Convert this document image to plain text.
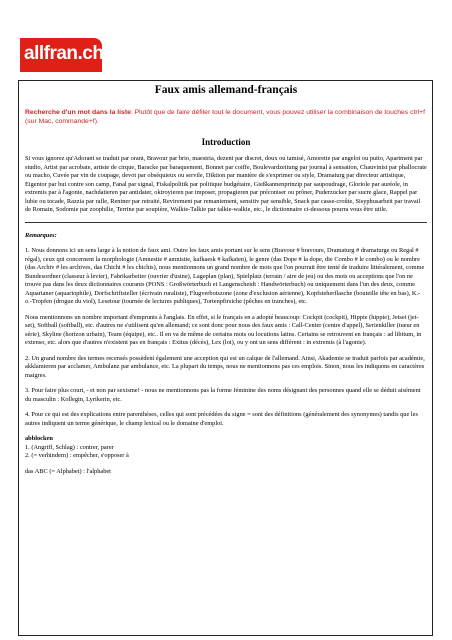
allfran.ch
Faux amis allemand-français
Recherche d'un mot dans la liste: Plutôt que de faire défiler tout le document, vous pouvez utiliser la combinaison de touches ctrl+f (sur Mac, commande+f).
Introduction

Si vous ignorez qu'Adorant se traduit par orant, Bravour par brio, maestria, dezent par discret, doux ou tamisé, Amorette par angelot ou putto, Apartment par studio, Artist par acrobate, artiste de cirque, Baracke par baraquement, Bonnet par coiffe, Boulevardzeitung par journal à sensation, Chauvinist par phallocrate ou macho, Cuvée par vin de coupage, devot par obséquieux ou servile, Diktion par manière de s'exprimer ou style, Dramaturg par directeur artistique, Eigentor par but contre son camp, Fanal par signal, Fiskalpolitik par politique budgétaire, Gießkannenprinzip par saupoudrage, Gloriole par auréole, in extremis par à l'agonie, nachdatieren par antidater, oktroyieren par imposer, propagieren par préconiser ou prôner, Puderzucker par sucre glace, Rappel par lubie ou tocade, Razzia par rafle, Rentner par retraité, Revirement par remaniement, sensitiv par sensible, Snack par casse-croûte, Sisyphusarbeit par travail de Romain, Sodomie par zoophilie, Terrine par soupière, Walkie-Talkie par talkie-walkie, etc., le dictionnaire ci-dessous pourra vous être utile.

Remarques:

1. Nous donnons ici un sens large à la notion de faux ami. Outre les faux amis portant sur le sens (Bravour # bravoure, Dramaturg # dramaturge ou Regal # régal), ceux qui concernent la morphologie (Amnestie # amnistie, kafkaesk # kafkaïen), le genre (das Dope # la dope, die Combo # le combo) ou le nombre (das Archiv # les archives, das Chichi # les chichis), nous mentionnons un grand nombre de mots que l'on pourrait être tenté de traduire littéralement, comme Bundesordner (classeur à levier), Fabrikarbeiter (ouvrier d'usine), Lageplan (plan), Spielplatz (terrain / aire de jeu) ou des mots ou acceptions que l'on ne trouve pas dans les deux dictionnaires courants (PONS : Großwörterbuch et Langenscheidt : Handwörterbuch) ou uniquement dans l'un des deux, comme Aquarianer (aquariophile), Dorfschriftsteller (écrivain ruraliste), Flugverbotszone (zone d'exclusion aérienne), Kopfsteherflasche (bouteille tête en bas), K.-o.-Tropfen (drogue du viol), Lesetour (tournée de lectures publiques), Tortenpfirsiche (pêches en tranches), etc.

Nous mentionnons un nombre important d'emprunts à l'anglais. En effet, si le français en a adopté beaucoup: Cockpit (cockpit), Hippie (hippie), Jetset (jet-set), Softball (softball), etc. d'autres ne s'utilisent qu'en allemand; ce sont donc pour nous des faux amis : Call-Center (centre d'appel), Serienkiller (tueur en série), Skyline (horizon urbain), Team (équipe), etc.. Il en va de même de certains mots ou locutions latins. Certains se retrouvent en français : ad libitum, in extenso, etc. alors que d'autres n'existent pas en français : Exitus (décès), Lex (loi), ou y ont un sens différent : in extremis (à l'agonie).

2. Un grand nombre des termes recensés possèdent également une acception qui est un calque de l'allemand. Ainsi, Akademie se traduit parfois par académie, akklamieren par acclamer, Ambulanz par ambulance, etc. La plupart du temps, nous ne mentionnons pas ces emplois. Sinon, nous les indiquons en caractères maigres.

3. Pour faire plus court, - et non par sexisme! - nous ne mentionnons pas la forme féminine des noms désignant des personnes quand elle se déduit aisément du masculin : Kollegin, Lyrikerin, etc.

4. Pour ce qui est des explications entre parenthèses, celles qui sont précédées du signe = sont des définitions (généralement des synonymes) tandis que les autres indiquent un terme générique, le champ lexical ou le domaine d'emploi.

abblocken
1. (Angriff, Schlag) : contrer, parer
2. (= verhindern) : empêcher, s'opposer à
das ABC (= Alphabet) : l'alphabet
